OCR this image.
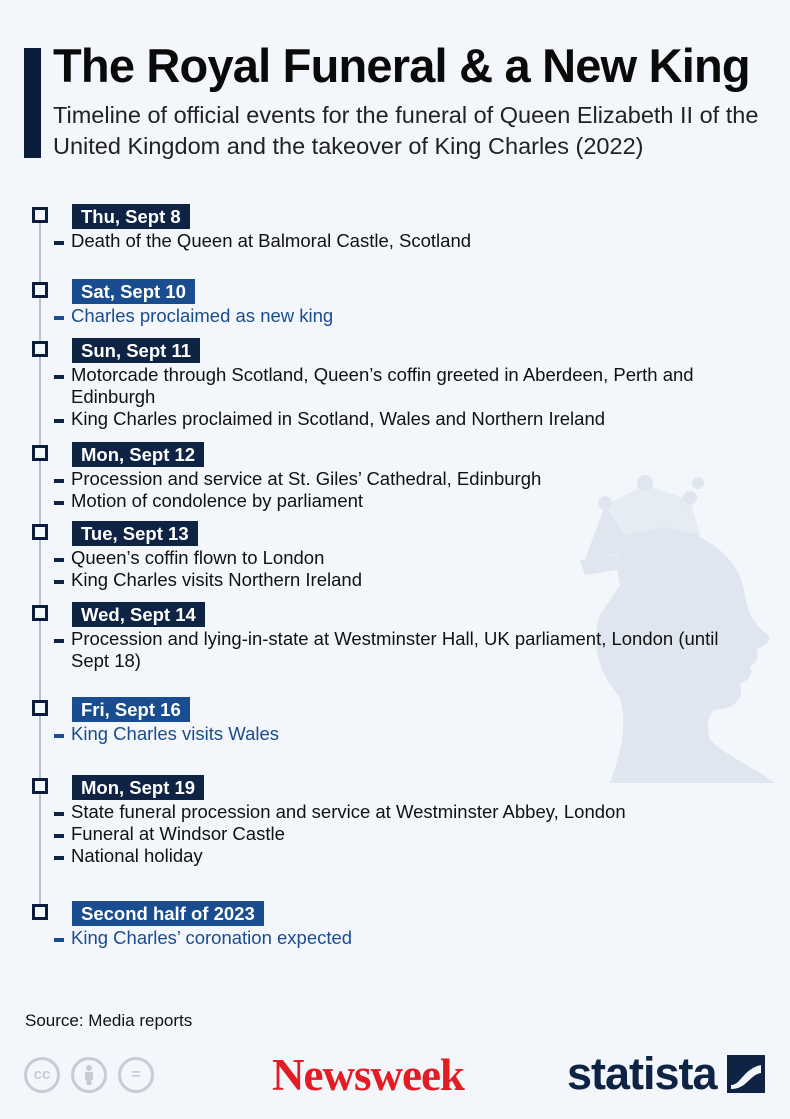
The Royal Funeral & a New King

Timeline of official events for the funeral of Queen Elizabeth II of the United Kingdom and the takeover of King Charles (2022)

Thu, Sept 8
Death of the Queen at Balmoral Castle, Scotland
Sat, Sept 10
Charles proclaimed as new king
Sun, Sept 11
Motorcade through Scotland, Queen’s coffin greeted in Aberdeen, Perth and Edinburgh
King Charles proclaimed in Scotland, Wales and Northern Ireland
Mon, Sept 12
Procession and service at St. Giles’ Cathedral, Edinburgh
Motion of condolence by parliament
Tue, Sept 13
Queen’s coffin flown to London
King Charles visits Northern Ireland
Wed, Sept 14
Procession and lying-in-state at Westminster Hall, UK parliament, London (until Sept 18)
Fri, Sept 16
King Charles visits Wales
Mon, Sept 19
State funeral procession and service at Westminster Abbey, London
Funeral at Windsor Castle
National holiday
Second half of 2023
King Charles’ coronation expected
Source: Media reports
cc	=	Newsweek statista
